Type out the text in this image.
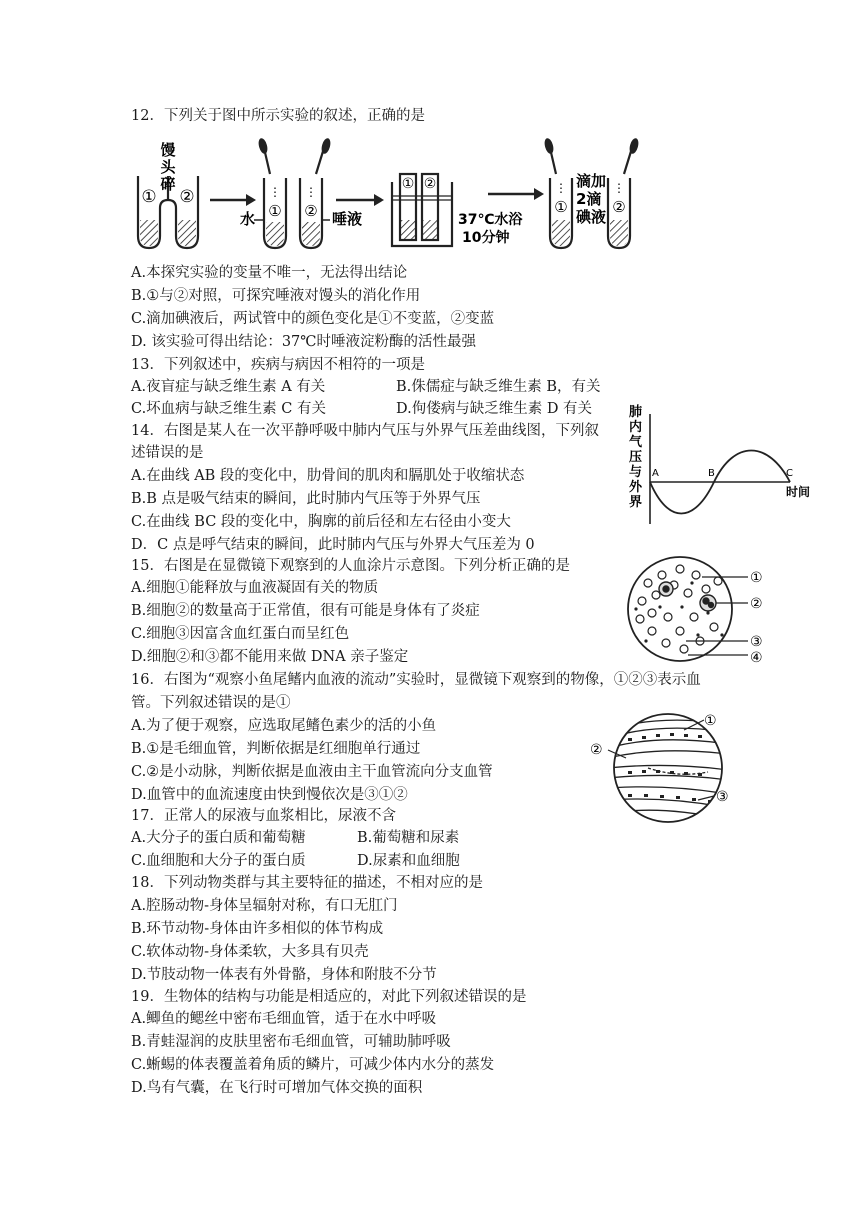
12．下列关于图中所示实验的叙述，正确的是
① ②
馒
头
碎
屑
馒头碎屑
①
⋮
②
⋮
水	唾液
① ②
37℃水浴
10分钟
①
⋮
②
⋮
滴加
2滴
碘液
A.本探究实验的变量不唯一，无法得出结论
B.①与②对照，可探究唾液对馒头的消化作用
C.滴加碘液后，两试管中的颜色变化是①不变蓝，②变蓝
D. 该实验可得出结论：37℃时唾液淀粉酶的活性最强
13．下列叙述中，疾病与病因不相符的一项是
A.夜盲症与缺乏维生素 A 有关	B.侏儒症与缺乏维生素 B，有关
C.坏血病与缺乏维生素 C 有关	D.佝偻病与缺乏维生素 D 有关
14．右图是某人在一次平静呼吸中肺内气压与外界气压差曲线图，下列叙
述错误的是
A.在曲线 AB 段的变化中，肋骨间的肌肉和膈肌处于收缩状态
B.B 点是吸气结束的瞬间，此时肺内气压等于外界气压
C.在曲线 BC 段的变化中，胸廓的前后径和左右径由小变大
D．C 点是呼气结束的瞬间，此时肺内气压与外界大气压差为 0
肺
内
气
压
与
外
界
气
A	B	C
时间
肺内气压与外界气压差
15．右图是在显微镜下观察到的人血涂片示意图。下列分析正确的是
A.细胞①能释放与血液凝固有关的物质
B.细胞②的数量高于正常值，很有可能是身体有了炎症
C.细胞③因富含血红蛋白而呈红色
D.细胞②和③都不能用来做 DNA 亲子鉴定
①
②
③
④
16．右图为“观察小鱼尾鳍内血液的流动”实验时，显微镜下观察到的物像，①②③表示血
管。下列叙述错误的是①
A.为了便于观察，应选取尾鳍色素少的活的小鱼
B.①是毛细血管，判断依据是红细胞单行通过
C.②是小动脉，判断依据是血液由主干血管流向分支血管
D.血管中的血流速度由快到慢依次是③①②
①
②
③
17．正常人的尿液与血浆相比，尿液不含
A.大分子的蛋白质和葡萄糖	B.葡萄糖和尿素
C.血细胞和大分子的蛋白质	D.尿素和血细胞
18．下列动物类群与其主要特征的描述，不相对应的是
A.腔肠动物-身体呈辐射对称，有口无肛门
B.环节动物-身体由许多相似的体节构成
C.软体动物-身体柔软，大多具有贝壳
D.节肢动物一体表有外骨骼，身体和附肢不分节
19．生物体的结构与功能是相适应的，对此下列叙述错误的是
A.鲫鱼的鳃丝中密布毛细血管，适于在水中呼吸
B.青蛙湿润的皮肤里密布毛细血管，可辅助肺呼吸
C.蜥蜴的体表覆盖着角质的鳞片，可减少体内水分的蒸发
D.鸟有气囊，在飞行时可增加气体交换的面积
